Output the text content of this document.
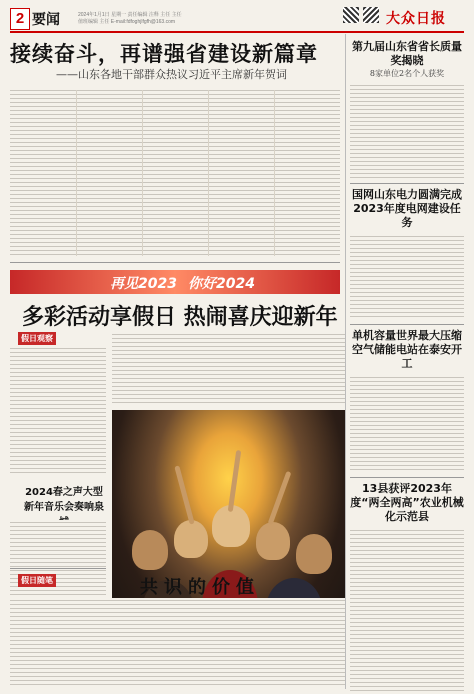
2 要闻	2024年1月1日 星期一 责任编辑 注释 主任 主任
值班编辑 主任 E-mail:fdfoghjlfgfh@163.com	大众日报
接续奋斗，再谱强省建设新篇章
——山东各地干部群众热议习近平主席新年贺词
再见2023 你好2024
多彩活动享假日 热闹喜庆迎新年
假日观察
2024春之声大型新年音乐会奏响泉
假日随笔	共识的价值
第九届山东省省长质量奖揭晓
8家单位2名个人获奖
国网山东电力圆满完成2023年度电网建设任务
单机容量世界最大压缩空气储能电站在泰安开工
13县获评2023年度“两全两高”农业机械化示范县
